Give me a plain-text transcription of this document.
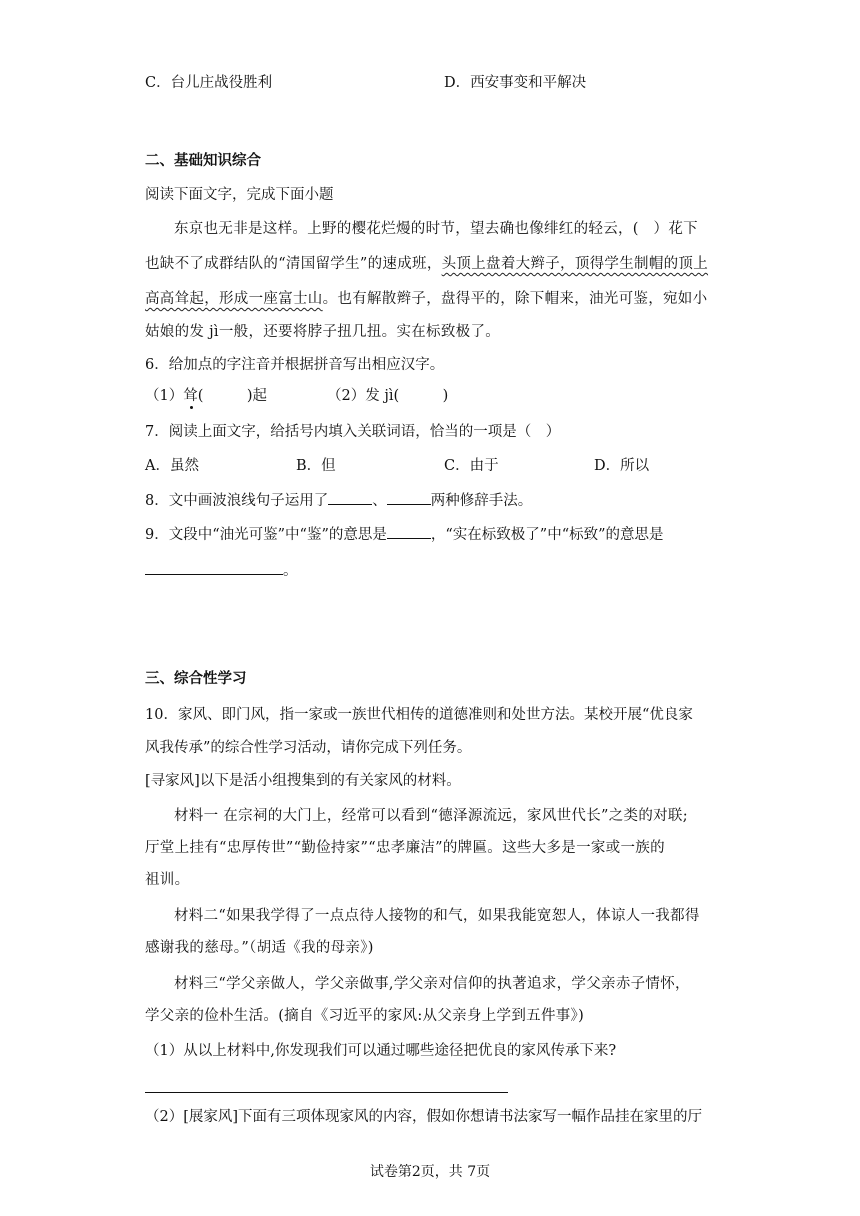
C．台儿庄战役胜利	D．西安事变和平解决
二、基础知识综合
阅读下面文字，完成下面小题
东京也无非是这样。上野的樱花烂熳的时节，望去确也像绯红的轻云，(　）花下
也缺不了成群结队的“清国留学生”的速成班，头顶上盘着大辫子，顶得学生制帽的顶上
高高耸起，形成一座富士山。也有解散辫子，盘得平的，除下帽来，油光可鉴，宛如小
姑娘的发 jì一般，还要将脖子扭几扭。实在标致极了。
6．给加点的字注音并根据拼音写出相应汉字。
（1）耸(　　　)起	（2）发 jì(　　　)
7．阅读上面文字，给括号内填入关联词语，恰当的一项是（　）
A．虽然	B．但	C．由于	D．所以
8．文中画波浪线句子运用了	、	两种修辞手法。
9．文段中“油光可鉴”中“鉴”的意思是	，“实在标致极了”中“标致”的意思是
。
三、综合性学习
10．家风、即门风，指一家或一族世代相传的道德准则和处世方法。某校开展“优良家
风我传承”的综合性学习活动，请你完成下列任务。
[寻家风]以下是活小组搜集到的有关家风的材料。
材料一 在宗祠的大门上，经常可以看到“德泽源流远，家风世代长”之类的对联;
厅堂上挂有“忠厚传世”“勤俭持家”“忠孝廉洁”的牌匾。这些大多是一家或一族的
祖训。
材料二“如果我学得了一点点待人接物的和气，如果我能宽恕人，体谅人一我都得
感谢我的慈母。”（胡适《我的母亲》)
材料三“学父亲做人，学父亲做事,学父亲对信仰的执著追求，学父亲赤子情怀，
学父亲的俭朴生活。(摘自《习近平的家风:从父亲身上学到五件事》)
（1）从以上材料中,你发现我们可以通过哪些途径把优良的家风传承下来?
（2）[展家风]下面有三项体现家风的内容，假如你想请书法家写一幅作品挂在家里的厅
试卷第2页，共 7页
